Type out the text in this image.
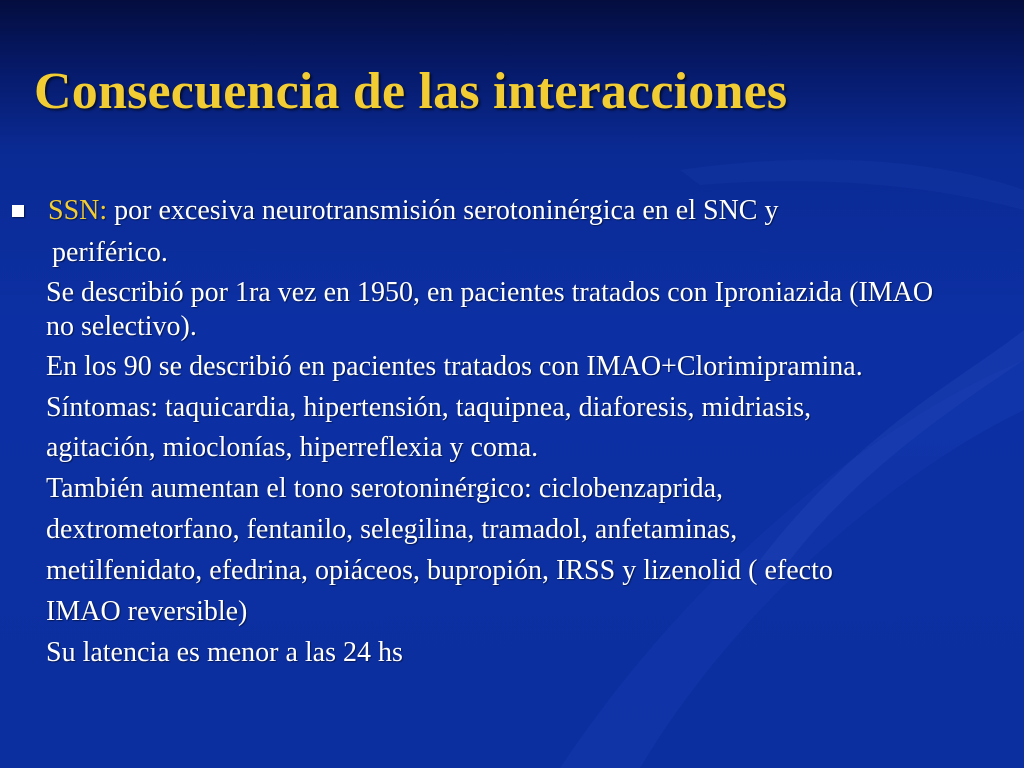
Consecuencia de las interacciones

SSN: por excesiva neurotransmisión serotoninérgica en el SNC y

periférico.

Se describió por 1ra vez en 1950, en pacientes tratados con Iproniazida (IMAO

no selectivo).

En los 90 se describió en pacientes tratados con IMAO+Clorimipramina.

Síntomas: taquicardia, hipertensión, taquipnea, diaforesis, midriasis,

agitación, mioclonías, hiperreflexia y coma.

También aumentan el tono serotoninérgico: ciclobenzaprida,

dextrometorfano, fentanilo, selegilina, tramadol, anfetaminas,

metilfenidato, efedrina, opiáceos, bupropión, IRSS y lizenolid ( efecto

IMAO reversible)

Su latencia es menor a las 24 hs
